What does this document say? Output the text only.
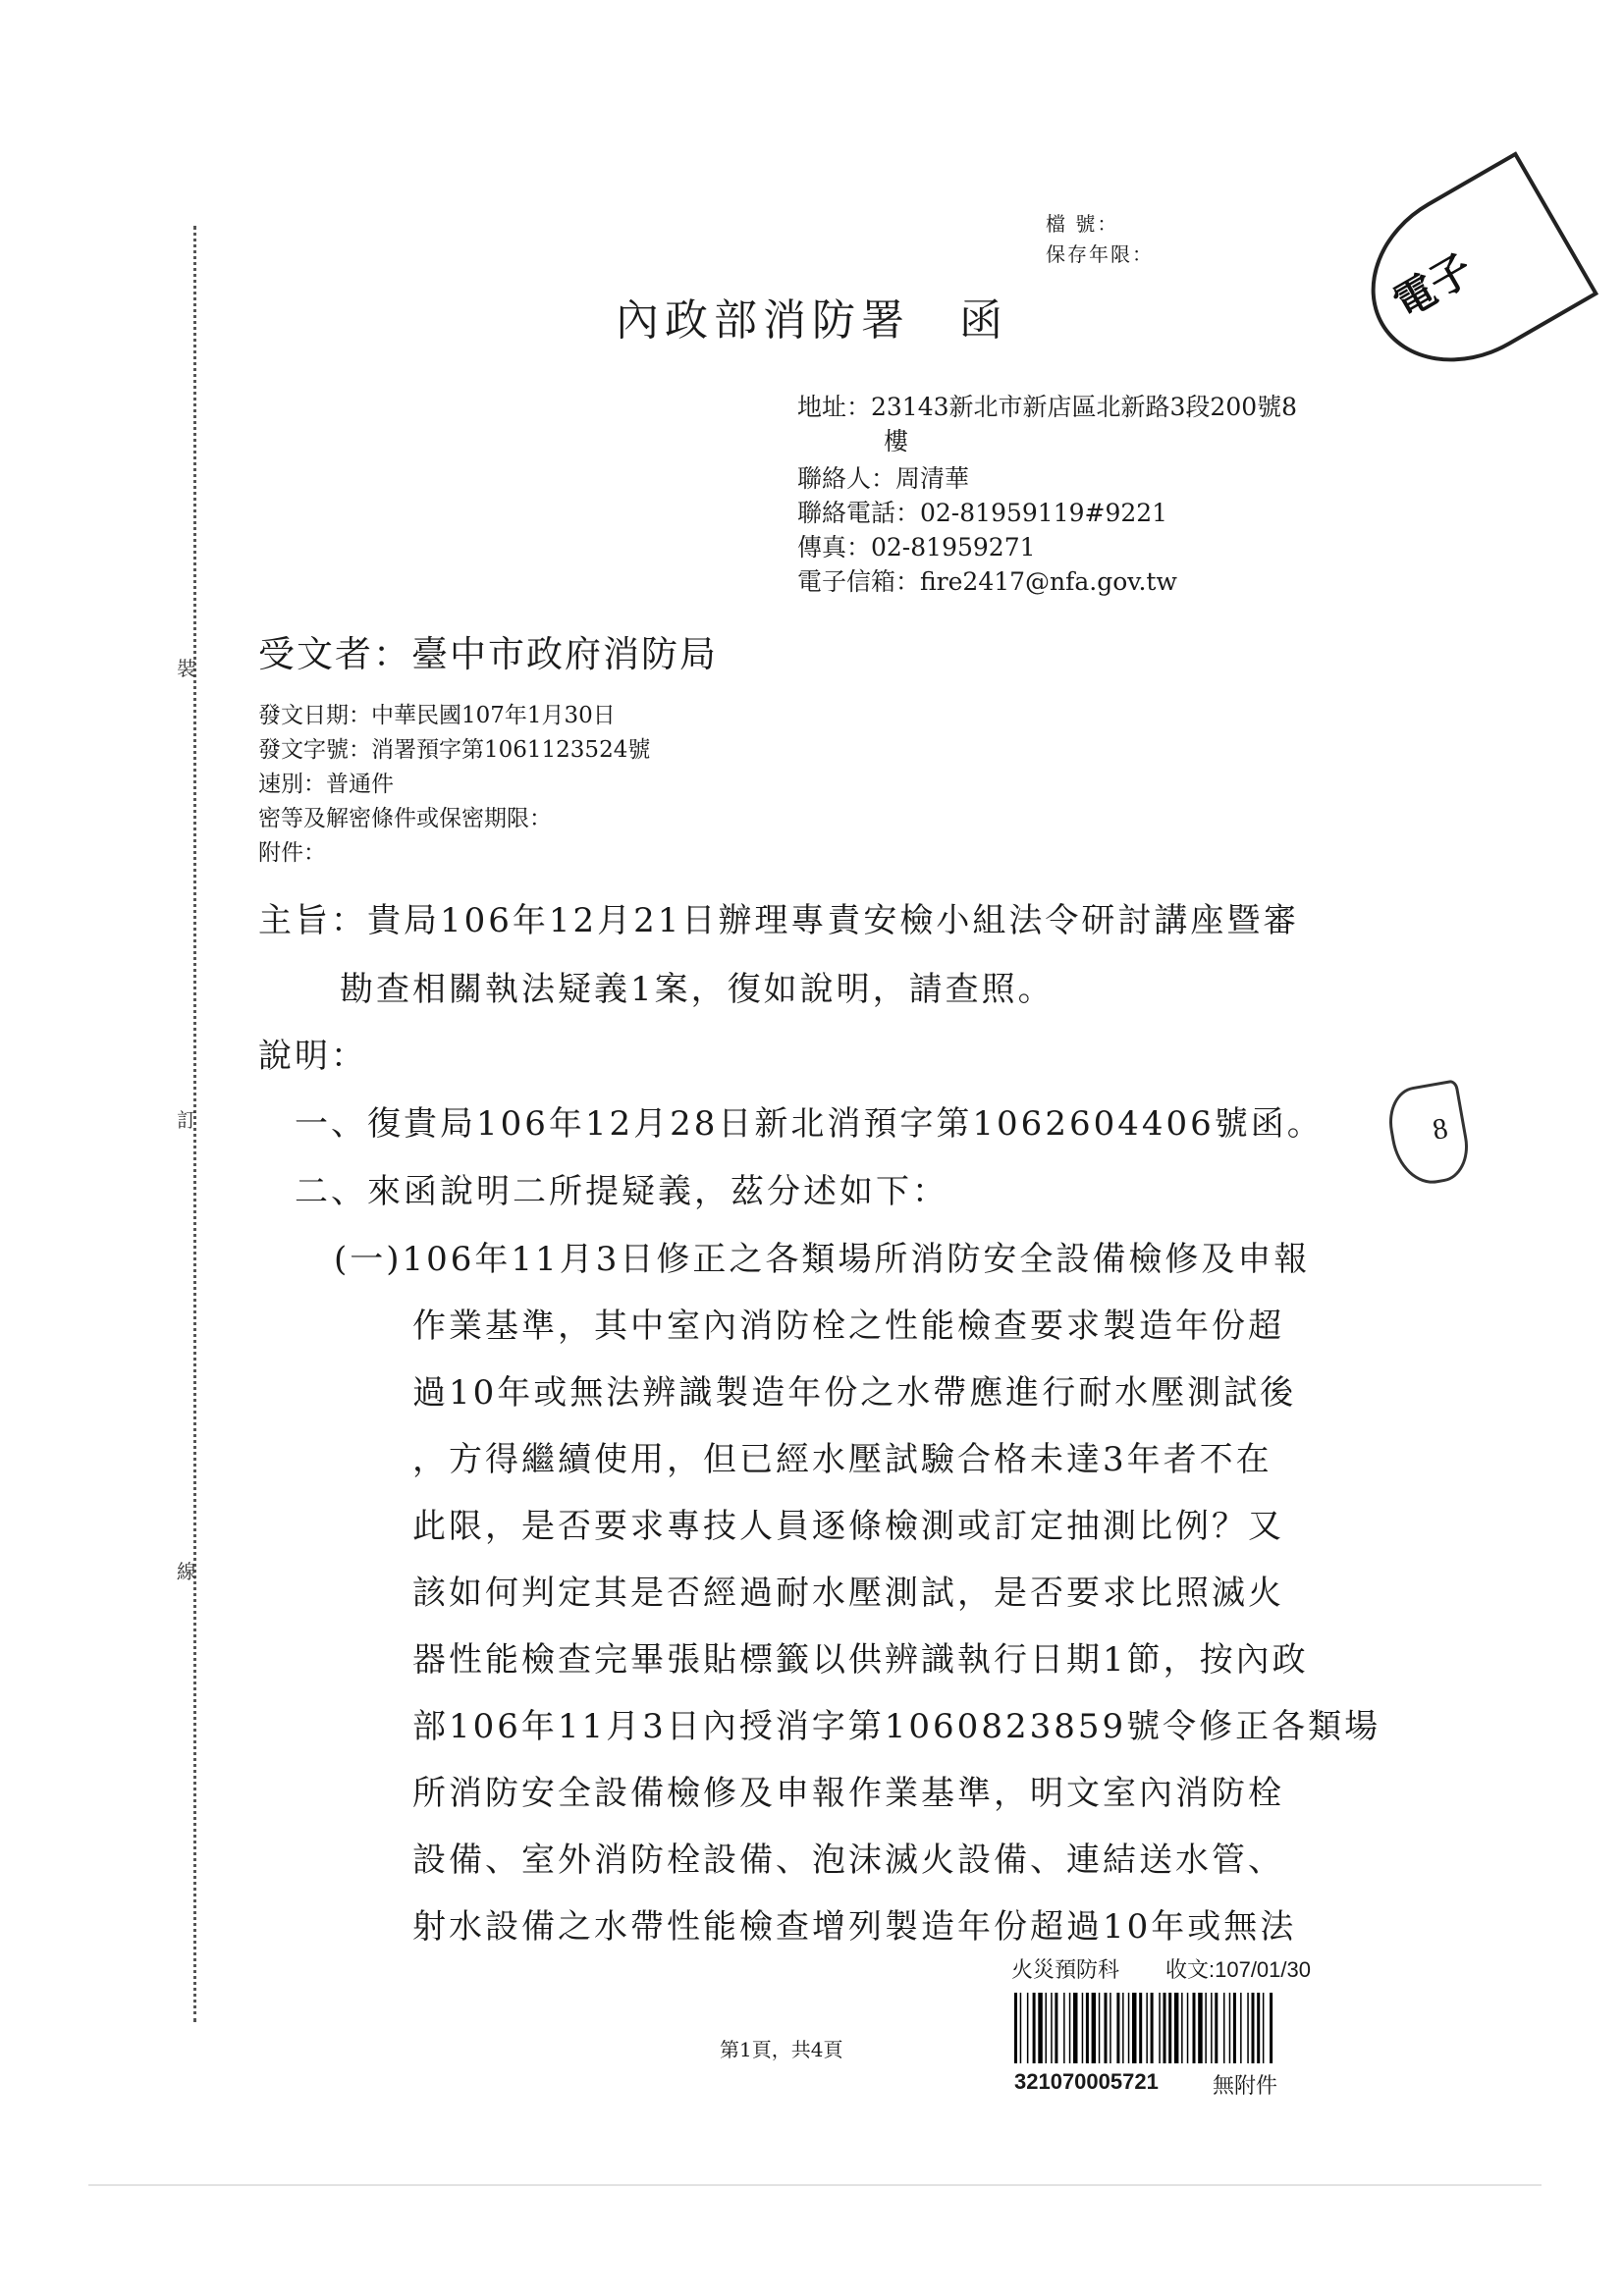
裝
訂
線
檔 號：
保存年限：	電子
內政部消防署　函
地址：23143新北市新店區北新路3段200號8
樓
聯絡人：周清華
聯絡電話：02-81959119#9221
傳真：02-81959271
電子信箱：fire2417@nfa.gov.tw
受文者：臺中市政府消防局
發文日期：中華民國107年1月30日
發文字號：消署預字第1061123524號
速別：普通件
密等及解密條件或保密期限：
附件：
主旨：貴局106年12月21日辦理專責安檢小組法令研討講座暨審
勘查相關執法疑義1案，復如說明，請查照。
說明：
一、復貴局106年12月28日新北消預字第1062604406號函。
二、來函說明二所提疑義，茲分述如下：
(一)106年11月3日修正之各類場所消防安全設備檢修及申報
作業基準，其中室內消防栓之性能檢查要求製造年份超
過10年或無法辨識製造年份之水帶應進行耐水壓測試後
，方得繼續使用，但已經水壓試驗合格未達3年者不在
此限，是否要求專技人員逐條檢測或訂定抽測比例？又
該如何判定其是否經過耐水壓測試，是否要求比照滅火
器性能檢查完畢張貼標籤以供辨識執行日期1節，按內政
部106年11月3日內授消字第1060823859號令修正各類場
所消防安全設備檢修及申報作業基準，明文室內消防栓
設備、室外消防栓設備、泡沫滅火設備、連結送水管、
射水設備之水帶性能檢查增列製造年份超過10年或無法
8
第1頁，共4頁
火災預防科 收文:107/01/30
321070005721	無附件
